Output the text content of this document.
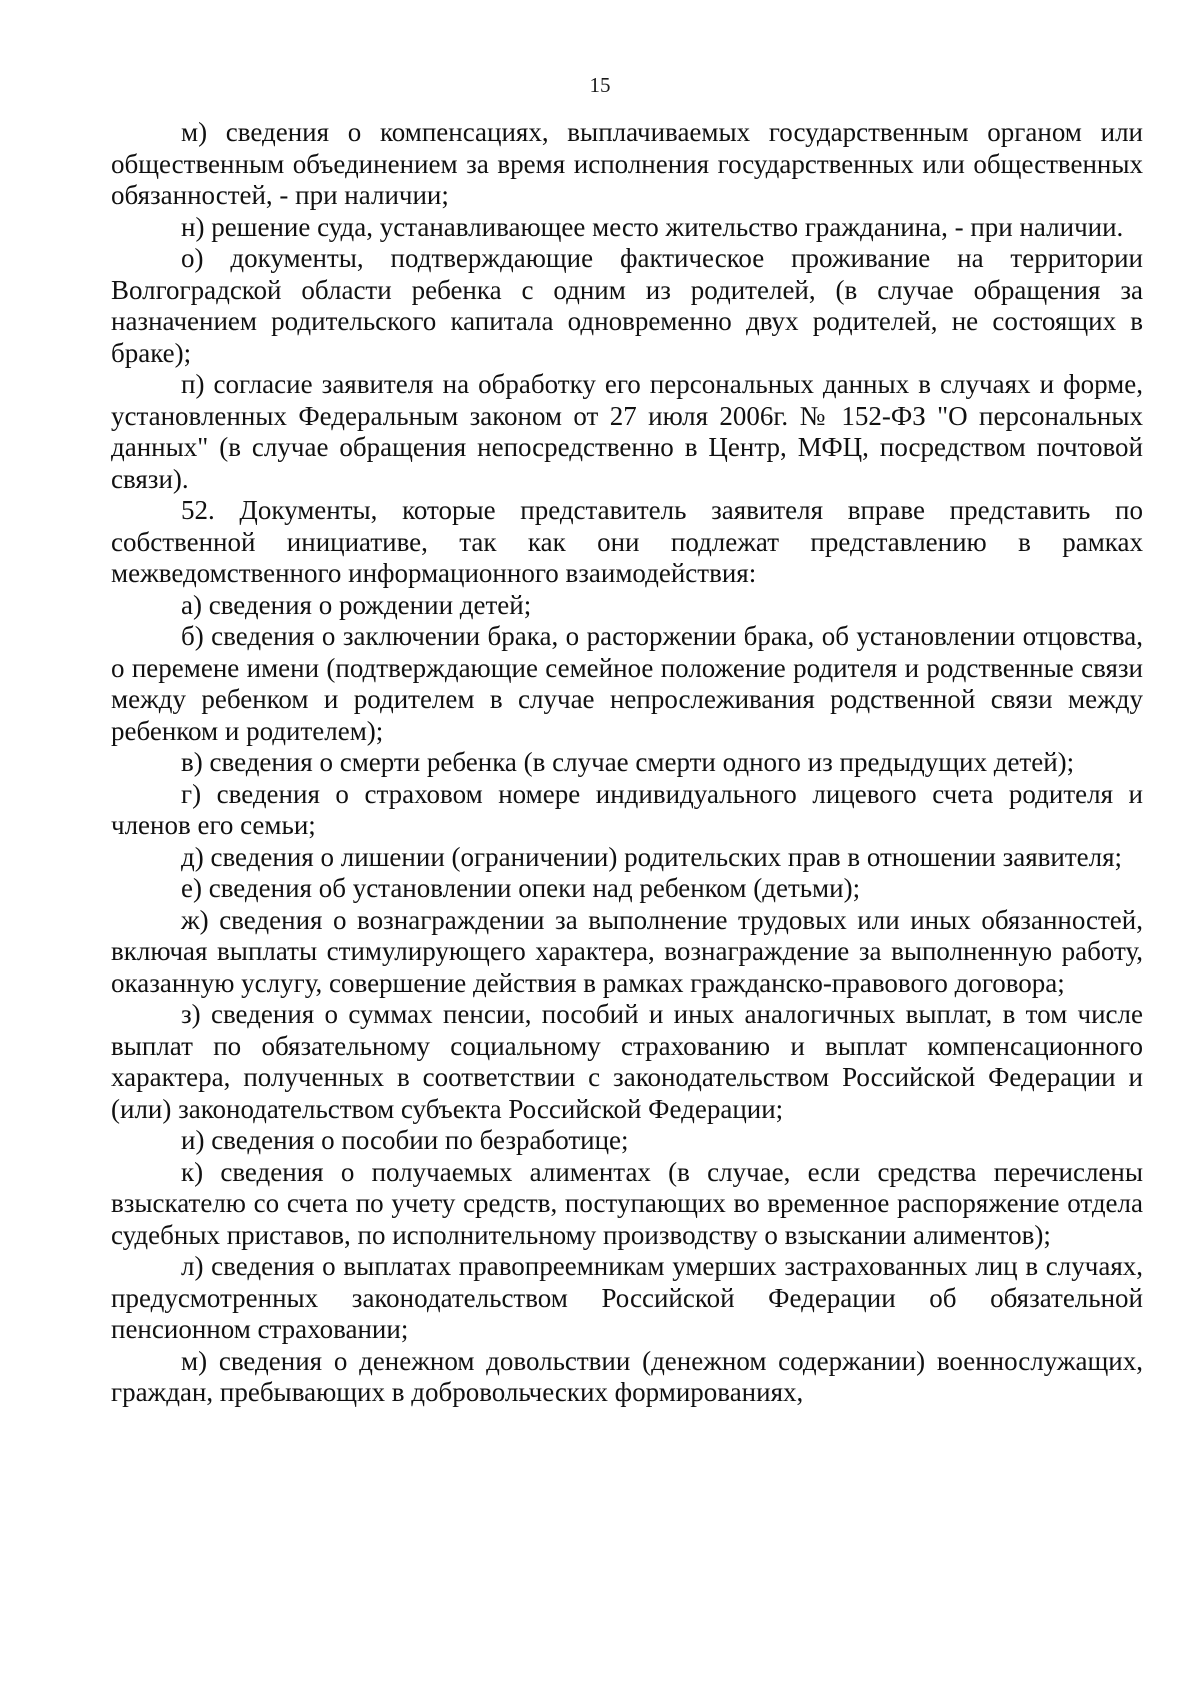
15

м) сведения о компенсациях, выплачиваемых государственным органом или общественным объединением за время исполнения государственных или общественных обязанностей, - при наличии;

н) решение суда, устанавливающее место жительство гражданина, - при наличии.

о) документы, подтверждающие фактическое проживание на территории Волгоградской области ребенка с одним из родителей, (в случае обращения за назначением родительского капитала одновременно двух родителей, не состоящих в браке);

п) согласие заявителя на обработку его персональных данных в случаях и форме, установленных Федеральным законом от 27 июля 2006г. № 152-ФЗ "О персональных данных" (в случае обращения непосредственно в Центр, МФЦ, посредством почтовой связи).

52. Документы, которые представитель заявителя вправе представить по собственной инициативе, так как они подлежат представлению в рамках межведомственного информационного взаимодействия:

а) сведения о рождении детей;

б) сведения о заключении брака, о расторжении брака, об установлении отцовства, о перемене имени (подтверждающие семейное положение родителя и родственные связи между ребенком и родителем в случае непрослеживания родственной связи между ребенком и родителем);

в) сведения о смерти ребенка (в случае смерти одного из предыдущих детей);

г) сведения о страховом номере индивидуального лицевого счета родителя и членов его семьи;

д) сведения о лишении (ограничении) родительских прав в отношении заявителя;

е) сведения об установлении опеки над ребенком (детьми);

ж) сведения о вознаграждении за выполнение трудовых или иных обязанностей, включая выплаты стимулирующего характера, вознаграждение за выполненную работу, оказанную услугу, совершение действия в рамках гражданско-правового договора;

з) сведения о суммах пенсии, пособий и иных аналогичных выплат, в том числе выплат по обязательному социальному страхованию и выплат компенсационного характера, полученных в соответствии с законодательством Российской Федерации и (или) законодательством субъекта Российской Федерации;

и) сведения о пособии по безработице;

к) сведения о получаемых алиментах (в случае, если средства перечислены взыскателю со счета по учету средств, поступающих во временное распоряжение отдела судебных приставов, по исполнительному производству о взыскании алиментов);

л) сведения о выплатах правопреемникам умерших застрахованных лиц в случаях, предусмотренных законодательством Российской Федерации об обязательной пенсионном страховании;

м) сведения о денежном довольствии (денежном содержании) военнослужащих, граждан, пребывающих в добровольческих формированиях,
